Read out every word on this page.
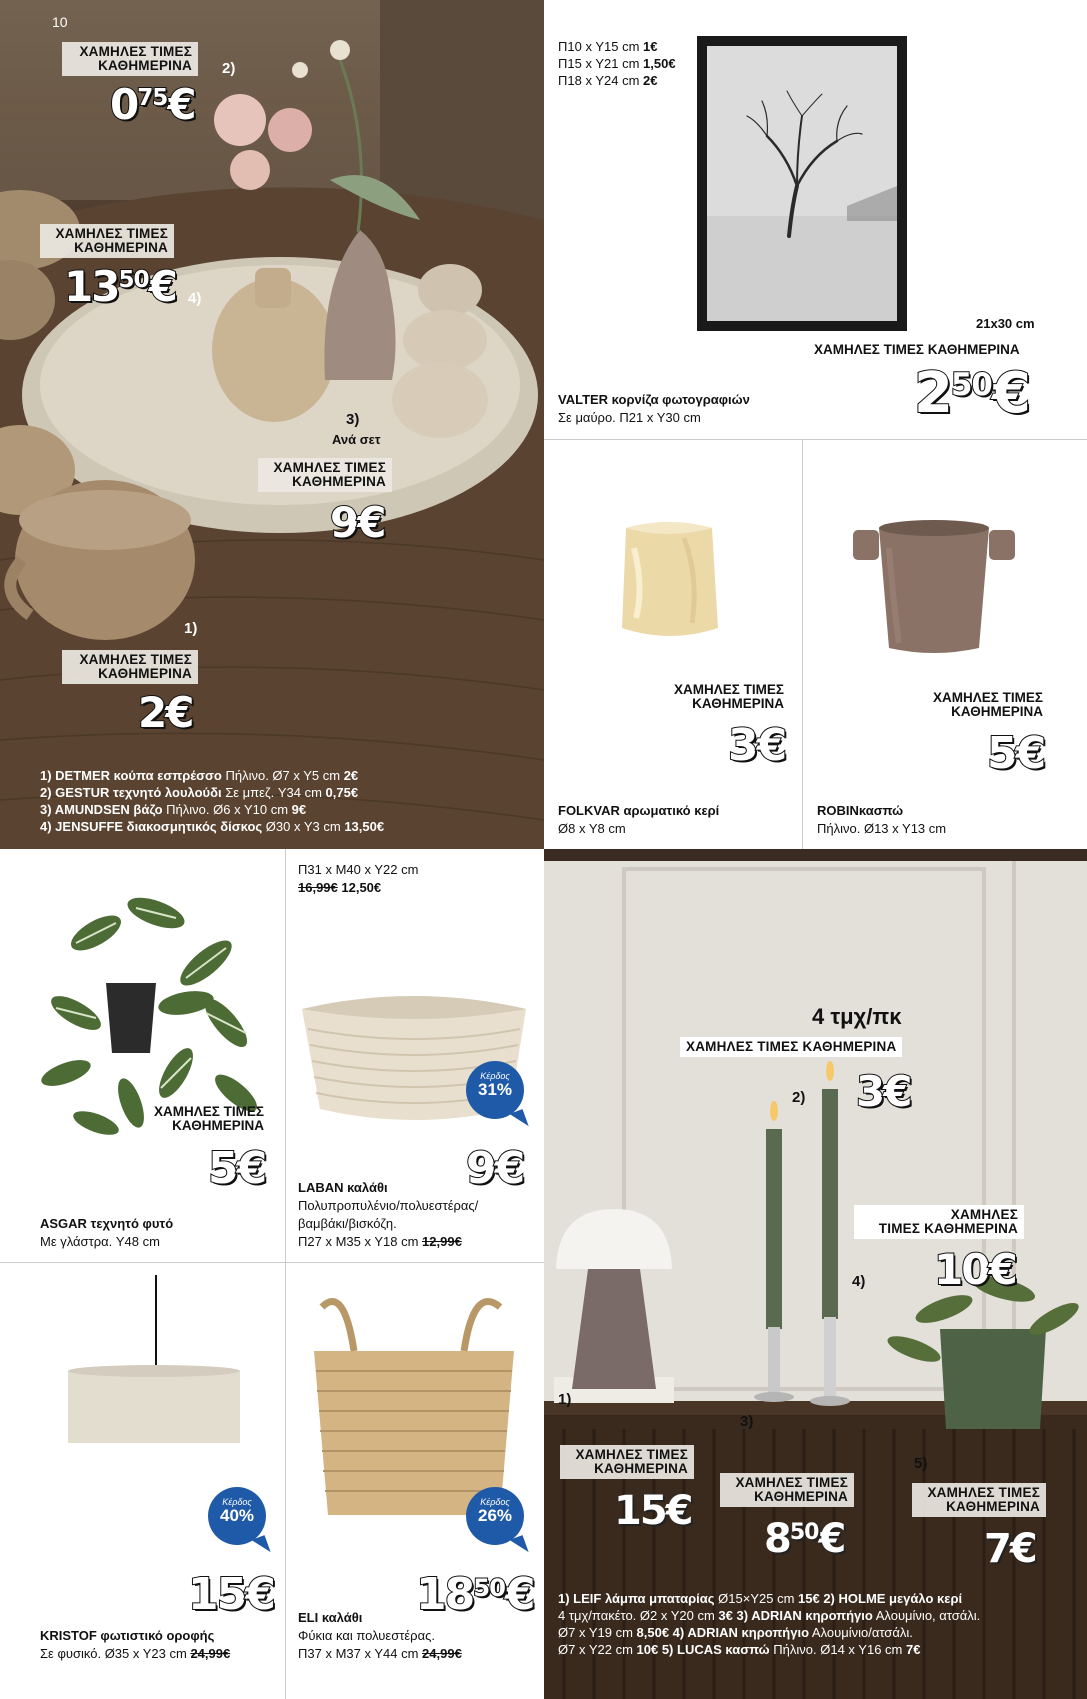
10
ΧΑΜΗΛΕΣ ΤΙΜΕΣ
ΚΑΘΗΜΕΡΙΝΑ	2)
$0^{75}€$
ΧΑΜΗΛΕΣ ΤΙΜΕΣ
ΚΑΘΗΜΕΡΙΝΑ
$13^{50}€$ 4)
3)
Ανά σετ
ΧΑΜΗΛΕΣ ΤΙΜΕΣ
ΚΑΘΗΜΕΡΙΝΑ
9€
1)
ΧΑΜΗΛΕΣ ΤΙΜΕΣ
ΚΑΘΗΜΕΡΙΝΑ
2€
1) DETMER κούπα εσπρέσσο Πήλινο. Ø7 x Y5 cm 2€
2) GESTUR τεχνητό λουλούδι Σε μπεζ. Y34 cm 0,75€
3) AMUNDSEN βάζο Πήλινο. Ø6 x Y10 cm 9€
4) JENSUFFE διακοσμητικός δίσκος Ø30 x Y3 cm 13,50€
Π10 x Y15 cm 1€
Π15 x Y21 cm 1,50€
Π18 x Y24 cm 2€
21x30 cm
ΧΑΜΗΛΕΣ ΤΙΜΕΣ ΚΑΘΗΜΕΡΙΝΑ
$2^{50}€$
VALTER κορνίζα φωτογραφιών
Σε μαύρο. Π21 x Y30 cm
ΧΑΜΗΛΕΣ ΤΙΜΕΣ
ΚΑΘΗΜΕΡΙΝΑ
3€
FOLKVAR αρωματικό κερί
Ø8 x Y8 cm
ΧΑΜΗΛΕΣ ΤΙΜΕΣ
ΚΑΘΗΜΕΡΙΝΑ
5€
ROBINκασπώ
Πήλινο. Ø13 x Y13 cm
ΧΑΜΗΛΕΣ ΤΙΜΕΣ
ΚΑΘΗΜΕΡΙΝΑ
5€
ASGAR τεχνητό φυτό
Με γλάστρα. Y48 cm
Π31 x M40 x Y22 cm
16,99€ 12,50€
Κέρδος
31%
9€
LABAN καλάθι
Πολυπροπυλένιο/πολυεστέρας/
βαμβάκι/βισκόζη.
Π27 x M35 x Y18 cm 12,99€
Κέρδος
40%
15€
KRISTOF φωτιστικό οροφής
Σε φυσικό. Ø35 x Y23 cm 24,99€
Κέρδος
26%
$18^{50}€$
ELI καλάθι
Φύκια και πολυεστέρας.
Π37 x M37 x Y44 cm 24,99€
4 τμχ/πκ
ΧΑΜΗΛΕΣ ΤΙΜΕΣ ΚΑΘΗΜΕΡΙΝΑ
2) 3€
ΧΑΜΗΛΕΣ
ΤΙΜΕΣ ΚΑΘΗΜΕΡΙΝΑ
10€
4)
1)
3)
5)
ΧΑΜΗΛΕΣ ΤΙΜΕΣ
ΚΑΘΗΜΕΡΙΝΑ
15€
ΧΑΜΗΛΕΣ ΤΙΜΕΣ
ΚΑΘΗΜΕΡΙΝΑ
$8^{50}€$
ΧΑΜΗΛΕΣ ΤΙΜΕΣ
ΚΑΘΗΜΕΡΙΝΑ
7€
1) LEIF λάμπα μπαταρίας Ø15×Y25 cm 15€ 2) HOLME μεγάλο κερί
4 τμχ/πακέτο. Ø2 x Y20 cm 3€ 3) ADRIAN κηροπήγιο Αλουμίνιο, ατσάλι.
Ø7 x Y19 cm 8,50€ 4) ADRIAN κηροπήγιο Αλουμίνιο/ατσάλι.
Ø7 x Y22 cm 10€ 5) LUCAS κασπώ Πήλινο. Ø14 x Y16 cm 7€
